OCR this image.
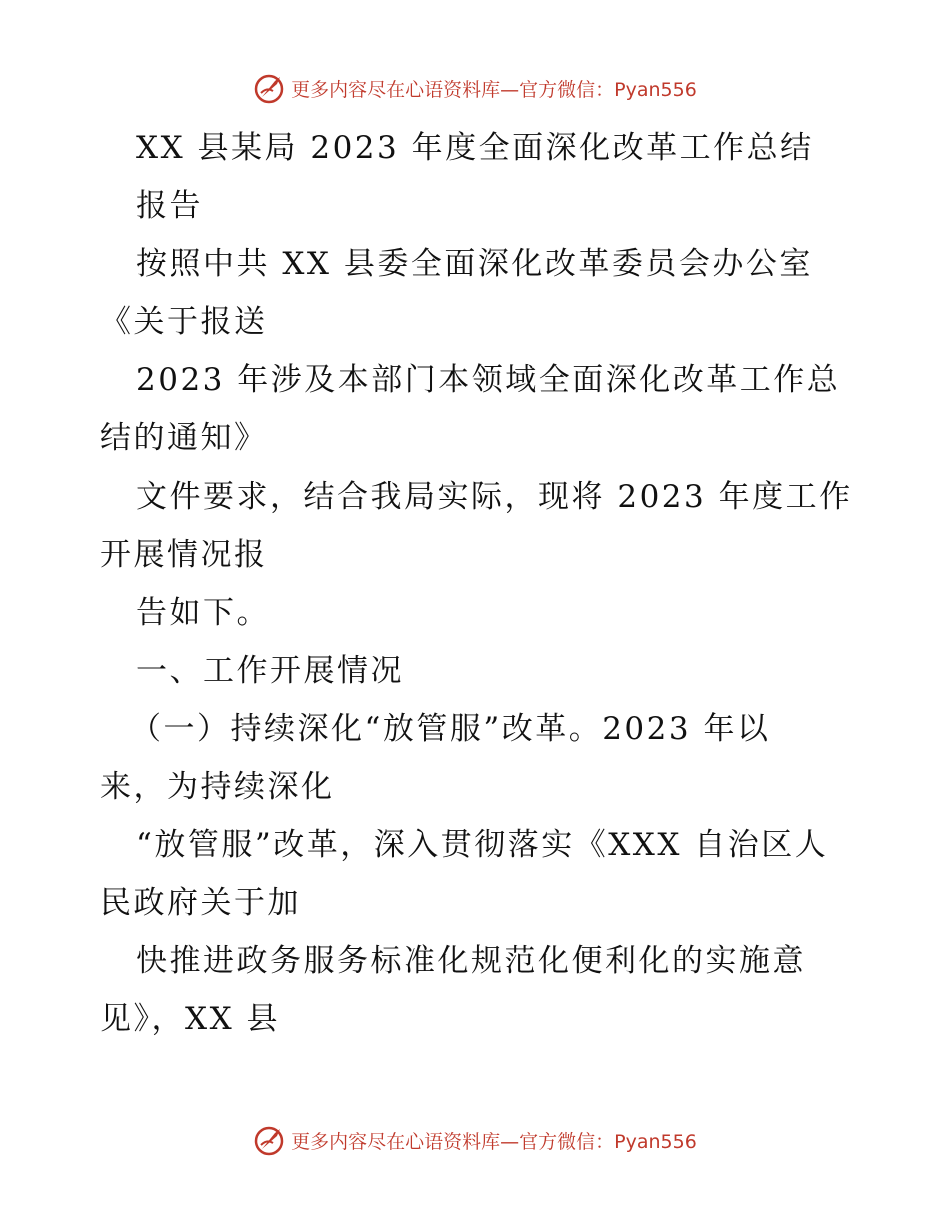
更多内容尽在心语资料库—官方微信：Pyan556
XX 县某局 2023 年度全面深化改革工作总结
报告
按照中共 XX 县委全面深化改革委员会办公室
《关于报送
2023 年涉及本部门本领域全面深化改革工作总
结的通知》
文件要求，结合我局实际，现将 2023 年度工作
开展情况报
告如下。
一、工作开展情况
（一）持续深化“放管服”改革。2023 年以
来，为持续深化
“放管服”改革，深入贯彻落实《XXX 自治区人
民政府关于加
快推进政务服务标准化规范化便利化的实施意
见》，XX 县
更多内容尽在心语资料库—官方微信：Pyan556
